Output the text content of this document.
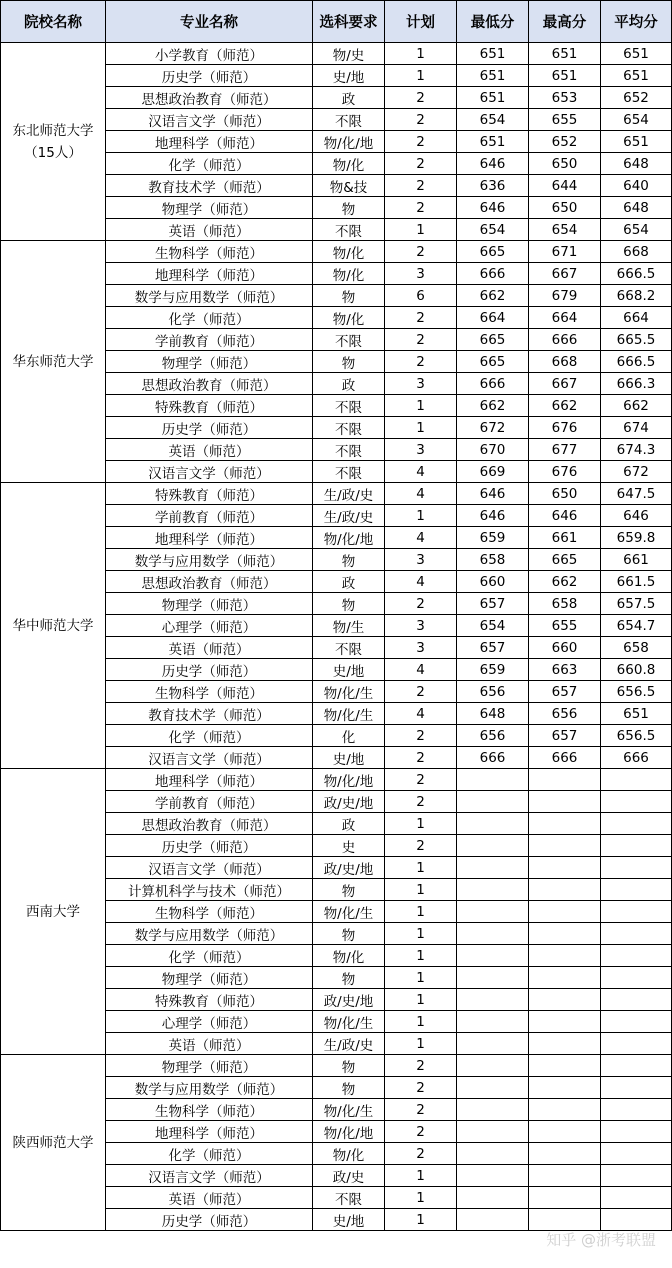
院校名称	专业名称	选科要求	计划	最低分	最高分	平均分

东北师范大学
（15人）	小学教育（师范）	物/史	1	651	651	651
	历史学（师范）	史/地	1	651	651	651
	思想政治教育（师范）	政	2	651	653	652
	汉语言文学（师范）	不限	2	654	655	654
	地理科学（师范）	物/化/地	2	651	652	651
	化学（师范）	物/化	2	646	650	648
	教育技术学（师范）	物&技	2	636	644	640
	物理学（师范）	物	2	646	650	648
	英语（师范）	不限	1	654	654	654

华东师范大学	生物科学（师范）	物/化	2	665	671	668
	地理科学（师范）	物/化	3	666	667	666.5
	数学与应用数学（师范）	物	6	662	679	668.2
	化学（师范）	物/化	2	664	664	664
	学前教育（师范）	不限	2	665	666	665.5
	物理学（师范）	物	2	665	668	666.5
	思想政治教育（师范）	政	3	666	667	666.3
	特殊教育（师范）	不限	1	662	662	662
	历史学（师范）	不限	1	672	676	674
	英语（师范）	不限	3	670	677	674.3
	汉语言文学（师范）	不限	4	669	676	672

华中师范大学	特殊教育（师范）	生/政/史	4	646	650	647.5
	学前教育（师范）	生/政/史	1	646	646	646
	地理科学（师范）	物/化/地	4	659	661	659.8
	数学与应用数学（师范）	物	3	658	665	661
	思想政治教育（师范）	政	4	660	662	661.5
	物理学（师范）	物	2	657	658	657.5
	心理学（师范）	物/生	3	654	655	654.7
	英语（师范）	不限	3	657	660	658
	历史学（师范）	史/地	4	659	663	660.8
	生物科学（师范）	物/化/生	2	656	657	656.5
	教育技术学（师范）	物/化/生	4	648	656	651
	化学（师范）	化	2	656	657	656.5
	汉语言文学（师范）	史/地	2	666	666	666

西南大学	地理科学（师范）	物/化/地	2			
	学前教育（师范）	政/史/地	2			
	思想政治教育（师范）	政	1			
	历史学（师范）	史	2			
	汉语言文学（师范）	政/史/地	1			
	计算机科学与技术（师范）	物	1			
	生物科学（师范）	物/化/生	1			
	数学与应用数学（师范）	物	1			
	化学（师范）	物/化	1			
	物理学（师范）	物	1			
	特殊教育（师范）	政/史/地	1			
	心理学（师范）	物/化/生	1			
	英语（师范）	生/政/史	1			

陕西师范大学	物理学（师范）	物	2			
	数学与应用数学（师范）	物	2			
	生物科学（师范）	物/化/生	2			
	地理科学（师范）	物/化/地	2			
	化学（师范）	物/化	2			
	汉语言文学（师范）	政/史	1			
	英语（师范）	不限	1			
	历史学（师范）	史/地	1			
知乎 @浙考联盟
